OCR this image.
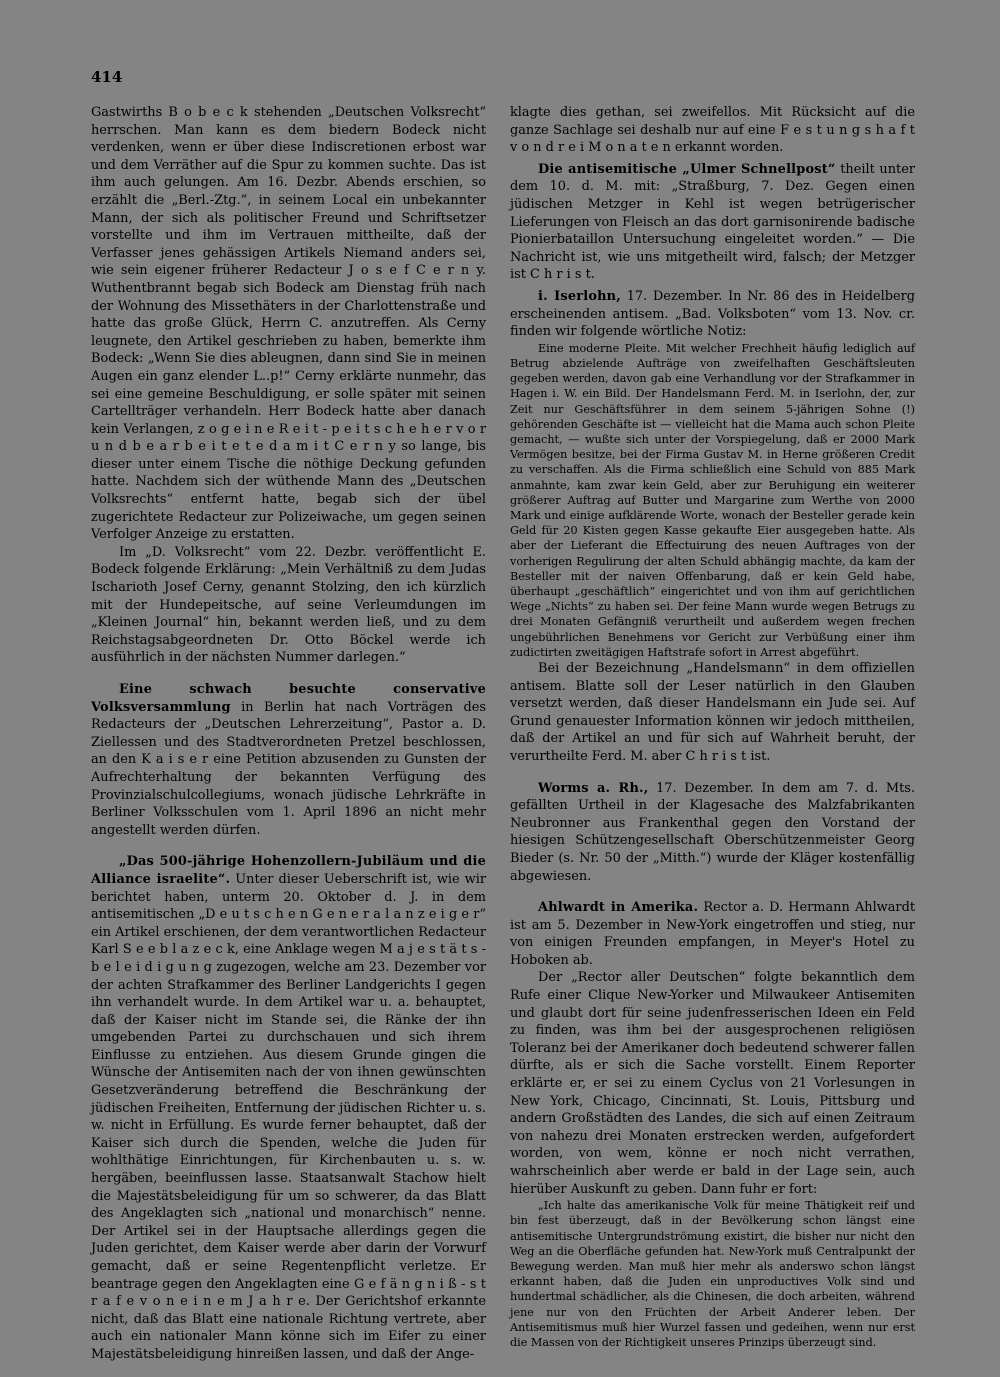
414

Gastwirths B o b e c k stehenden „Deutschen Volksrecht“ herrschen. Man kann es dem biedern Bodeck nicht verdenken, wenn er über diese Indiscretionen erbost war und dem Verräther auf die Spur zu kommen suchte. Das ist ihm auch gelungen. Am 16. Dezbr. Abends erschien, so erzählt die „Berl.-Ztg.“, in seinem Local ein unbekannter Mann, der sich als politischer Freund und Schriftsetzer vorstellte und ihm im Vertrauen mittheilte, daß der Verfasser jenes gehässigen Artikels Niemand anders sei, wie sein eigener früherer Redacteur J o s e f C e r n y. Wuthentbrannt begab sich Bodeck am Dienstag früh nach der Wohnung des Missethäters in der Charlottenstraße und hatte das große Glück, Herrn C. anzutreffen. Als Cerny leugnete, den Artikel geschrieben zu haben, bemerkte ihm Bodeck: „Wenn Sie dies ableugnen, dann sind Sie in meinen Augen ein ganz elender L..p!“ Cerny erklärte nunmehr, das sei eine gemeine Beschuldigung, er solle später mit seinen Cartellträger verhandeln. Herr Bodeck hatte aber danach kein Verlangen, z o g e i n e R e i t - p e i t s c h e h e r v o r u n d b e a r b e i t e t e d a m i t C e r n y so lange, bis dieser unter einem Tische die nöthige Deckung gefunden hatte. Nachdem sich der wüthende Mann des „Deutschen Volksrechts“ entfernt hatte, begab sich der übel zugerichtete Redacteur zur Polizeiwache, um gegen seinen Verfolger Anzeige zu erstatten.

Im „D. Volksrecht“ vom 22. Dezbr. veröffentlicht E. Bodeck folgende Erklärung: „Mein Verhältniß zu dem Judas Ischarioth Josef Cerny, genannt Stolzing, den ich kürzlich mit der Hundepeitsche, auf seine Verleumdungen im „Kleinen Journal“ hin, bekannt werden ließ, und zu dem Reichstagsabgeordneten Dr. Otto Böckel werde ich ausführlich in der nächsten Nummer darlegen.“

Eine schwach besuchte conservative Volksversammlung in Berlin hat nach Vorträgen des Redacteurs der „Deutschen Lehrerzeitung“, Pastor a. D. Ziellessen und des Stadtverordneten Pretzel beschlossen, an den K a i s e r eine Petition abzusenden zu Gunsten der Aufrechterhaltung der bekannten Verfügung des Provinzialschulcollegiums, wonach jüdische Lehrkräfte in Berliner Volksschulen vom 1. April 1896 an nicht mehr angestellt werden dürfen.

„Das 500-jährige Hohenzollern-Jubiläum und die Alliance israelite“. Unter dieser Ueberschrift ist, wie wir berichtet haben, unterm 20. Oktober d. J. in dem antisemitischen „D e u t s c h e n G e n e r a l a n z e i g e r“ ein Artikel erschienen, der dem verantwortlichen Redacteur Karl S e e b l a z e c k, eine Anklage wegen M a j e s t ä t s - b e l e i d i g u n g zugezogen, welche am 23. Dezember vor der achten Strafkammer des Berliner Landgerichts I gegen ihn verhandelt wurde. In dem Artikel war u. a. behauptet, daß der Kaiser nicht im Stande sei, die Ränke der ihn umgebenden Partei zu durchschauen und sich ihrem Einflusse zu entziehen. Aus diesem Grunde gingen die Wünsche der Antisemiten nach der von ihnen gewünschten Gesetzveränderung betreffend die Beschränkung der jüdischen Freiheiten, Entfernung der jüdischen Richter u. s. w. nicht in Erfüllung. Es wurde ferner behauptet, daß der Kaiser sich durch die Spenden, welche die Juden für wohlthätige Einrichtungen, für Kirchenbauten u. s. w. hergäben, beeinflussen lasse. Staatsanwalt Stachow hielt die Majestätsbeleidigung für um so schwerer, da das Blatt des Angeklagten sich „national und monarchisch“ nenne. Der Artikel sei in der Hauptsache allerdings gegen die Juden gerichtet, dem Kaiser werde aber darin der Vorwurf gemacht, daß er seine Regentenpflicht verletze. Er beantrage gegen den Angeklagten eine G e f ä n g n i ß - s t r a f e v o n e i n e m J a h r e. Der Gerichtshof erkannte nicht, daß das Blatt eine nationale Richtung vertrete, aber auch ein nationaler Mann könne sich im Eifer zu einer Majestätsbeleidigung hinreißen lassen, und daß der Ange-

klagte dies gethan, sei zweifellos. Mit Rücksicht auf die ganze Sachlage sei deshalb nur auf eine F e s t u n g s h a f t v o n d r e i M o n a t e n erkannt worden.

Die antisemitische „Ulmer Schnellpost“ theilt unter dem 10. d. M. mit: „Straßburg, 7. Dez. Gegen einen jüdischen Metzger in Kehl ist wegen betrügerischer Lieferungen von Fleisch an das dort garnisonirende badische Pionierbataillon Untersuchung eingeleitet worden.“ — Die Nachricht ist, wie uns mitgetheilt wird, falsch; der Metzger ist C h r i s t.

i. Iserlohn, 17. Dezember. In Nr. 86 des in Heidelberg erscheinenden antisem. „Bad. Volksboten“ vom 13. Nov. cr. finden wir folgende wörtliche Notiz:

Eine moderne Pleite. Mit welcher Frechheit häufig lediglich auf Betrug abzielende Aufträge von zweifelhaften Geschäftsleuten gegeben werden, davon gab eine Verhandlung vor der Strafkammer in Hagen i. W. ein Bild. Der Handelsmann Ferd. M. in Iserlohn, der, zur Zeit nur Geschäftsführer in dem seinem 5-jährigen Sohne (!) gehörenden Geschäfte ist — vielleicht hat die Mama auch schon Pleite gemacht, — wußte sich unter der Vorspiegelung, daß er 2000 Mark Vermögen besitze, bei der Firma Gustav M. in Herne größeren Credit zu verschaffen. Als die Firma schließlich eine Schuld von 885 Mark anmahnte, kam zwar kein Geld, aber zur Beruhigung ein weiterer größerer Auftrag auf Butter und Margarine zum Werthe von 2000 Mark und einige aufklärende Worte, wonach der Besteller gerade kein Geld für 20 Kisten gegen Kasse gekaufte Eier ausgegeben hatte. Als aber der Lieferant die Effectuirung des neuen Auftrages von der vorherigen Regulirung der alten Schuld abhängig machte, da kam der Besteller mit der naiven Offenbarung, daß er kein Geld habe, überhaupt „geschäftlich“ eingerichtet und von ihm auf gerichtlichen Wege „Nichts“ zu haben sei. Der feine Mann wurde wegen Betrugs zu drei Monaten Gefängniß verurtheilt und außerdem wegen frechen ungebührlichen Benehmens vor Gericht zur Verbüßung einer ihm zudictirten zweitägigen Haftstrafe sofort in Arrest abgeführt.

Bei der Bezeichnung „Handelsmann“ in dem offiziellen antisem. Blatte soll der Leser natürlich in den Glauben versetzt werden, daß dieser Handelsmann ein Jude sei. Auf Grund genauester Information können wir jedoch mittheilen, daß der Artikel an und für sich auf Wahrheit beruht, der verurtheilte Ferd. M. aber C h r i s t ist.

Worms a. Rh., 17. Dezember. In dem am 7. d. Mts. gefällten Urtheil in der Klagesache des Malzfabrikanten Neubronner aus Frankenthal gegen den Vorstand der hiesigen Schützengesellschaft Oberschützenmeister Georg Bieder (s. Nr. 50 der „Mitth.“) wurde der Kläger kostenfällig abgewiesen.

Ahlwardt in Amerika. Rector a. D. Hermann Ahlwardt ist am 5. Dezember in New-York eingetroffen und stieg, nur von einigen Freunden empfangen, in Meyer's Hotel zu Hoboken ab.

Der „Rector aller Deutschen“ folgte bekanntlich dem Rufe einer Clique New-Yorker und Milwaukeer Antisemiten und glaubt dort für seine judenfresserischen Ideen ein Feld zu finden, was ihm bei der ausgesprochenen religiösen Toleranz bei der Amerikaner doch bedeutend schwerer fallen dürfte, als er sich die Sache vorstellt. Einem Reporter erklärte er, er sei zu einem Cyclus von 21 Vorlesungen in New York, Chicago, Cincinnati, St. Louis, Pittsburg und andern Großstädten des Landes, die sich auf einen Zeitraum von nahezu drei Monaten erstrecken werden, aufgefordert worden, von wem, könne er noch nicht verrathen, wahrscheinlich aber werde er bald in der Lage sein, auch hierüber Auskunft zu geben. Dann fuhr er fort:

„Ich halte das amerikanische Volk für meine Thätigkeit reif und bin fest überzeugt, daß in der Bevölkerung schon längst eine antisemitische Untergrundströmung existirt, die bisher nur nicht den Weg an die Oberfläche gefunden hat. New-York muß Centralpunkt der Bewegung werden. Man muß hier mehr als anderswo schon längst erkannt haben, daß die Juden ein unproductives Volk sind und hundertmal schädlicher, als die Chinesen, die doch arbeiten, während jene nur von den Früchten der Arbeit Anderer leben. Der Antisemitismus muß hier Wurzel fassen und gedeihen, wenn nur erst die Massen von der Richtigkeit unseres Prinzips überzeugt sind.
